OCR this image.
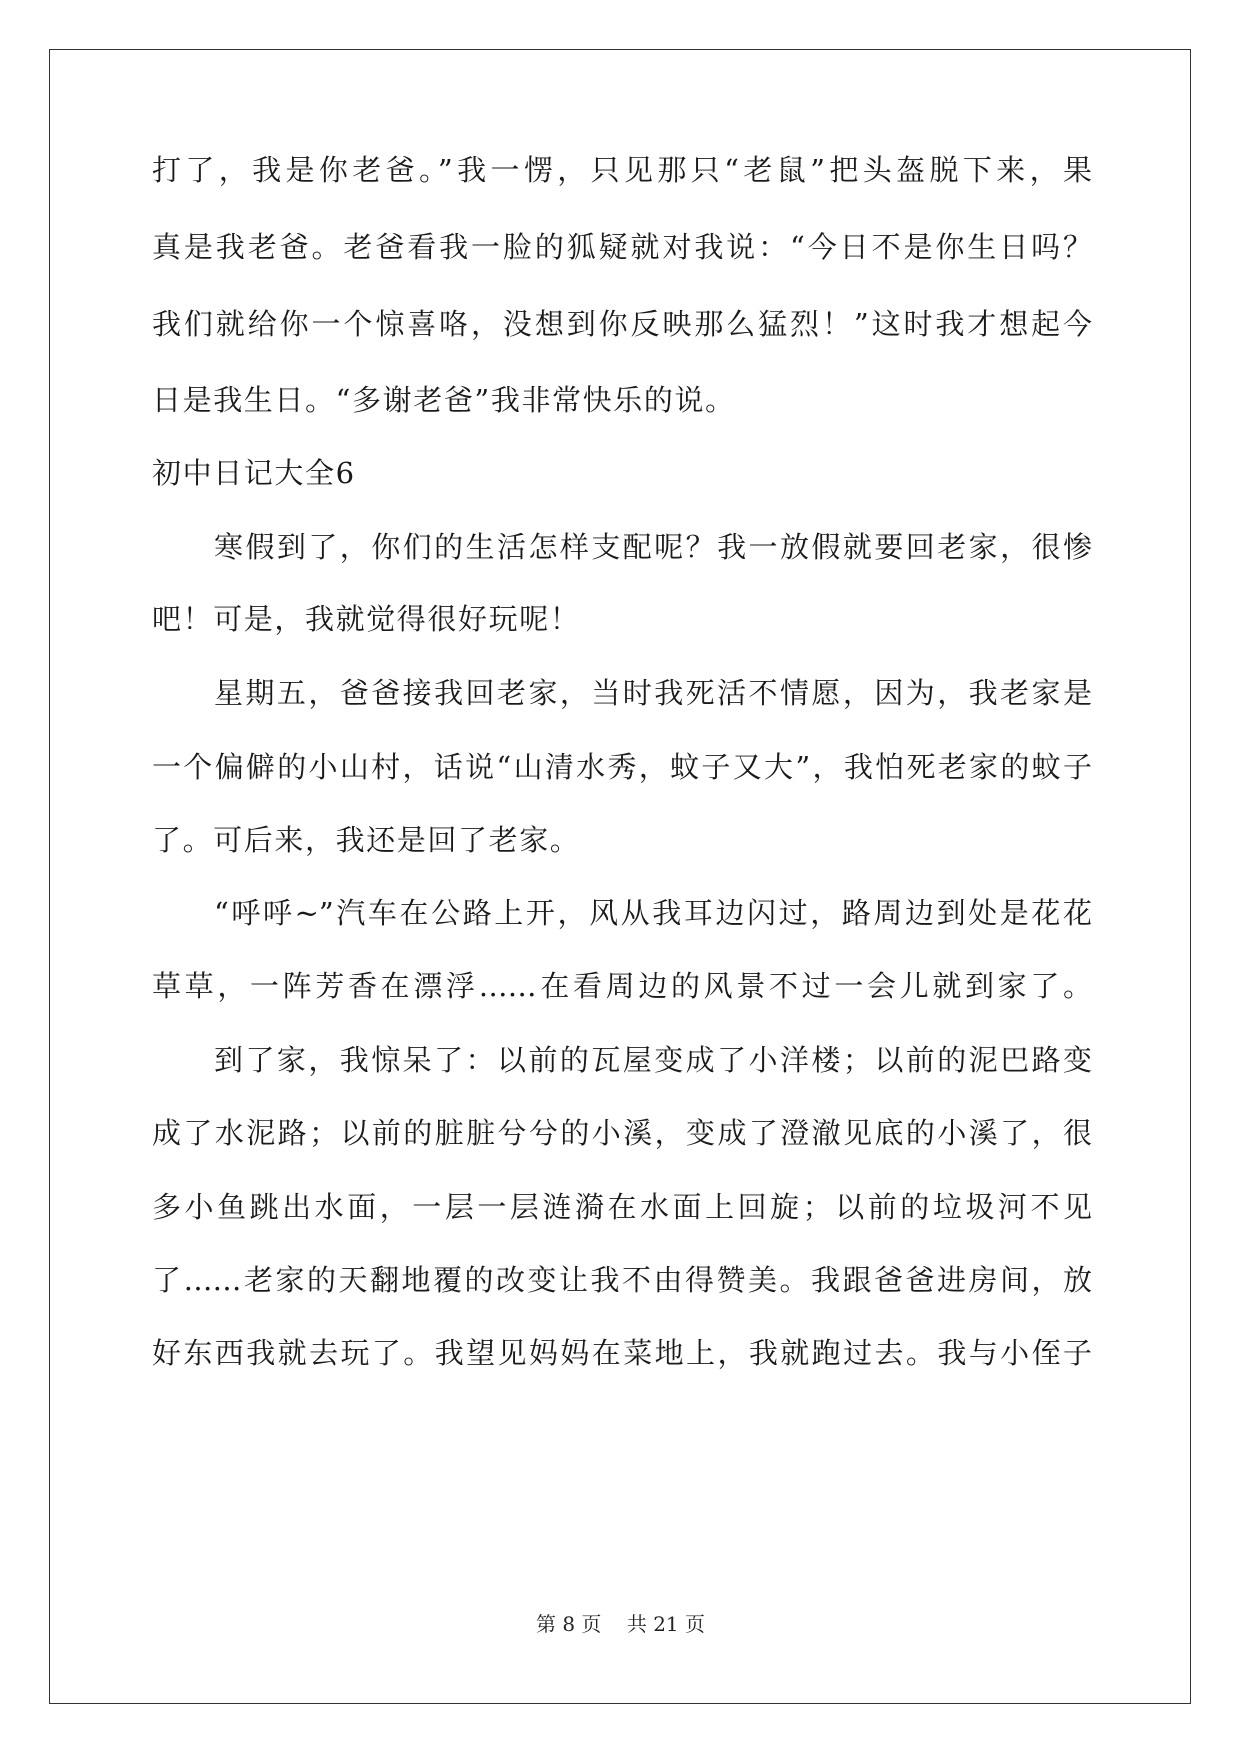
打了，我是你老爸。”我一愣，只见那只“老鼠”把头盔脱下来，果
真是我老爸。老爸看我一脸的狐疑就对我说：“今日不是你生日吗？
我们就给你一个惊喜咯，没想到你反映那么猛烈！”这时我才想起今
日是我生日。“多谢老爸”我非常快乐的说。
初中日记大全6
寒假到了，你们的生活怎样支配呢？我一放假就要回老家，很惨
吧！可是，我就觉得很好玩呢！
星期五，爸爸接我回老家，当时我死活不情愿，因为，我老家是
一个偏僻的小山村，话说“山清水秀，蚊子又大”，我怕死老家的蚊子
了。可后来，我还是回了老家。
“呼呼~”汽车在公路上开，风从我耳边闪过，路周边到处是花花
草草，一阵芳香在漂浮……在看周边的风景不过一会儿就到家了。
到了家，我惊呆了：以前的瓦屋变成了小洋楼；以前的泥巴路变
成了水泥路；以前的脏脏兮兮的小溪，变成了澄澈见底的小溪了，很
多小鱼跳出水面，一层一层涟漪在水面上回旋；以前的垃圾河不见
了……老家的天翻地覆的改变让我不由得赞美。我跟爸爸进房间，放
好东西我就去玩了。我望见妈妈在菜地上，我就跑过去。我与小侄子
第 8 页    共 21 页
